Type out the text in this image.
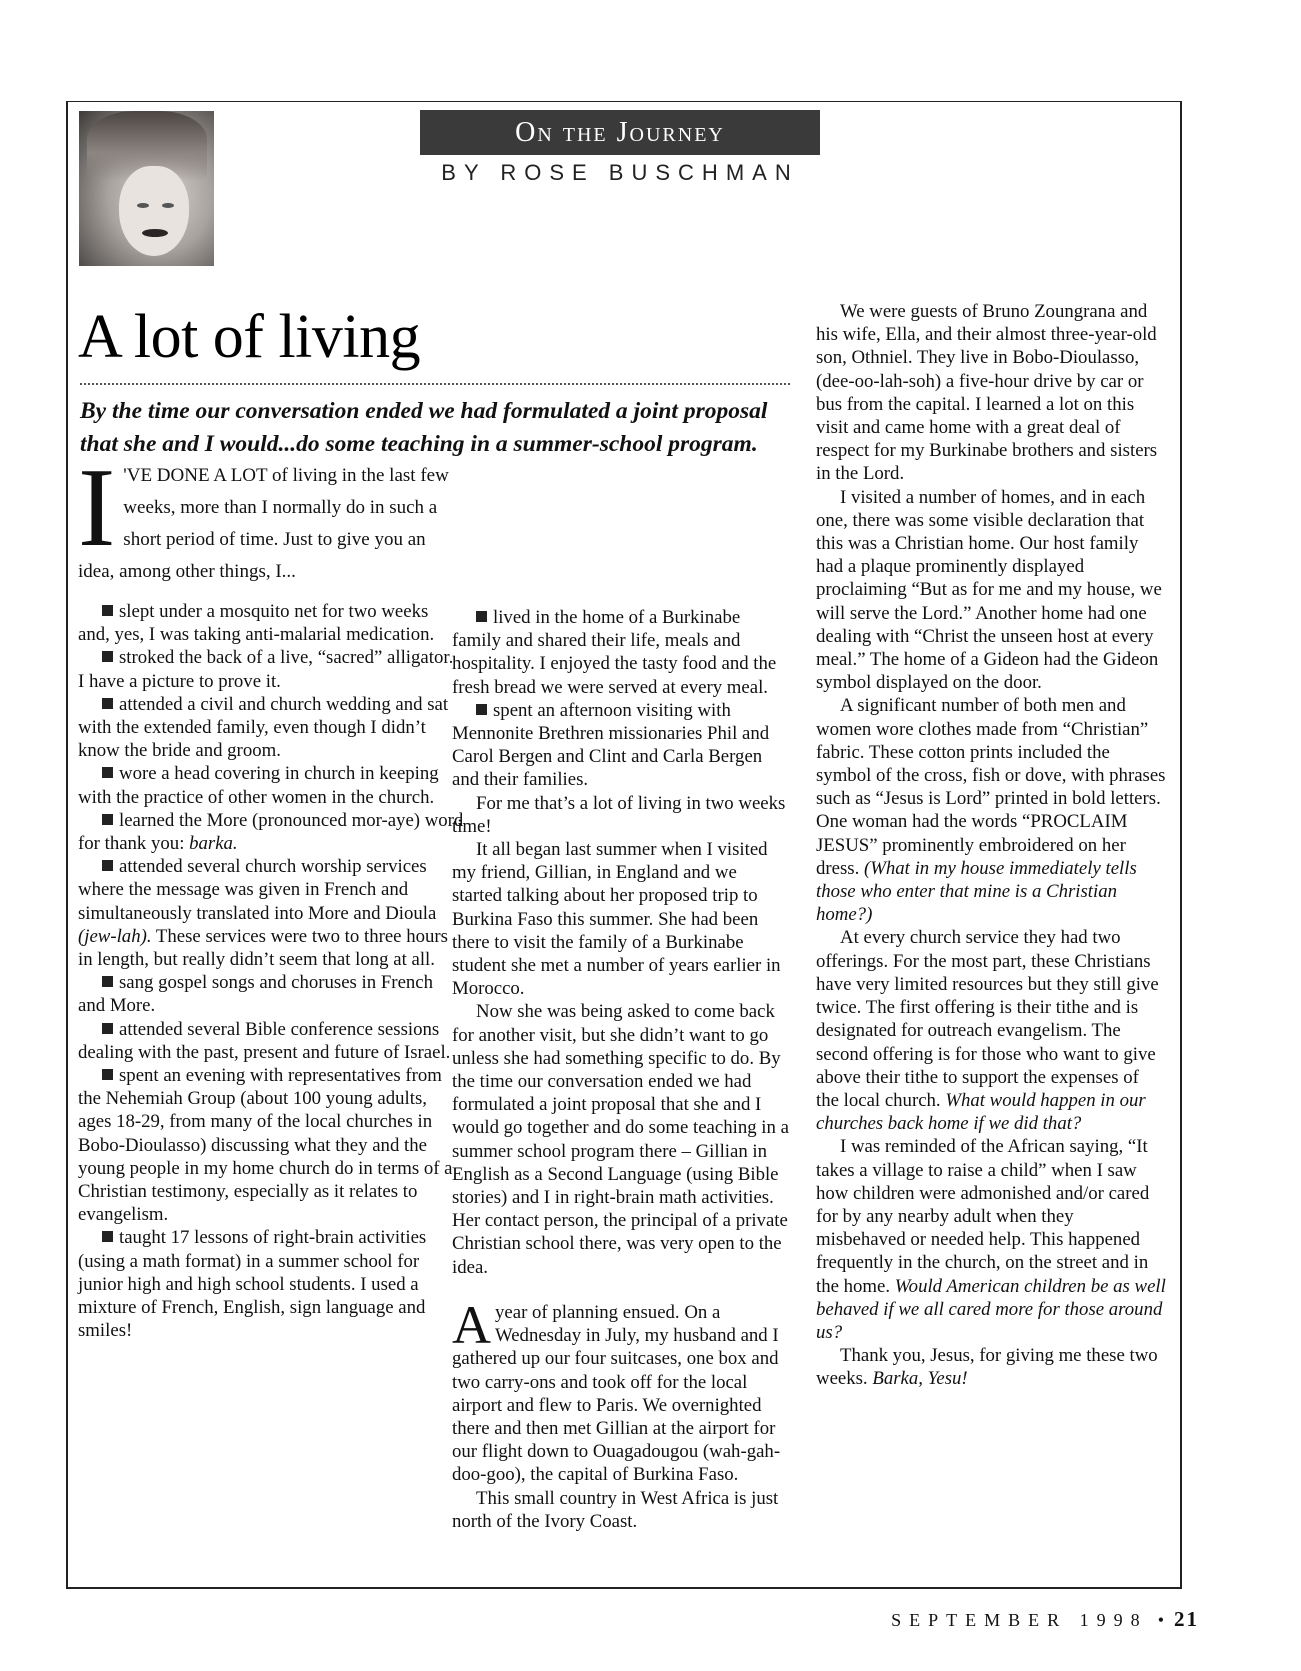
On the Journey
BY ROSE BUSCHMAN
A lot of living
By the time our conversation ended we had formulated a joint proposal that she and I would...do some teaching in a summer-school program.

I 'VE DONE A LOT of living in the last few weeks, more than I normally do in such a short period of time. Just to give you an idea, among other things, I...

slept under a mosquito net for two weeks and, yes, I was taking anti-malarial medication.

stroked the back of a live, “sacred” alligator. I have a picture to prove it.

attended a civil and church wedding and sat with the extended family, even though I didn’t know the bride and groom.

wore a head covering in church in keeping with the practice of other women in the church.

learned the More (pronounced mor-aye) word for thank you: barka.

attended several church worship services where the message was given in French and simultaneously translated into More and Dioula (jew-lah). These services were two to three hours in length, but really didn’t seem that long at all.

sang gospel songs and choruses in French and More.

attended several Bible conference sessions dealing with the past, present and future of Israel.

spent an evening with representatives from the Nehemiah Group (about 100 young adults, ages 18-29, from many of the local churches in Bobo-Dioulasso) discussing what they and the young people in my home church do in terms of a Christian testimony, especially as it relates to evangelism.

taught 17 lessons of right-brain activities (using a math format) in a summer school for junior high and high school students. I used a mixture of French, English, sign language and smiles!

lived in the home of a Burkinabe family and shared their life, meals and hospitality. I enjoyed the tasty food and the fresh bread we were served at every meal.

spent an afternoon visiting with Mennonite Brethren missionaries Phil and Carol Bergen and Clint and Carla Bergen and their families.

For me that’s a lot of living in two weeks time!

It all began last summer when I visited my friend, Gillian, in England and we started talking about her proposed trip to Burkina Faso this summer. She had been there to visit the family of a Burkinabe student she met a number of years earlier in Morocco.

Now she was being asked to come back for another visit, but she didn’t want to go unless she had something specific to do. By the time our conversation ended we had formulated a joint proposal that she and I would go together and do some teaching in a summer school program there – Gillian in English as a Second Language (using Bible stories) and I in right-brain math activities. Her contact person, the principal of a private Christian school there, was very open to the idea.

Ayear of planning ensued. On a Wednesday in July, my husband and I gathered up our four suitcases, one box and two carry-ons and took off for the local airport and flew to Paris. We overnighted there and then met Gillian at the airport for our flight down to Ouagadougou (wah-gah-doo-goo), the capital of Burkina Faso.

This small country in West Africa is just north of the Ivory Coast.

We were guests of Bruno Zoungrana and his wife, Ella, and their almost three-year-old son, Othniel. They live in Bobo-Dioulasso, (dee-oo-lah-soh) a five-hour drive by car or bus from the capital. I learned a lot on this visit and came home with a great deal of respect for my Burkinabe brothers and sisters in the Lord.

I visited a number of homes, and in each one, there was some visible declaration that this was a Christian home. Our host family had a plaque prominently displayed proclaiming “But as for me and my house, we will serve the Lord.” Another home had one dealing with “Christ the unseen host at every meal.” The home of a Gideon had the Gideon symbol displayed on the door.

A significant number of both men and women wore clothes made from “Christian” fabric. These cotton prints included the symbol of the cross, fish or dove, with phrases such as “Jesus is Lord” printed in bold letters. One woman had the words “PROCLAIM JESUS” prominently embroidered on her dress. (What in my house immediately tells those who enter that mine is a Christian home?)

At every church service they had two offerings. For the most part, these Christians have very limited resources but they still give twice. The first offering is their tithe and is designated for outreach evangelism. The second offering is for those who want to give above their tithe to support the expenses of the local church. What would happen in our churches back home if we did that?

I was reminded of the African saying, “It takes a village to raise a child” when I saw how children were admonished and/or cared for by any nearby adult when they misbehaved or needed help. This happened frequently in the church, on the street and in the home. Would American children be as well behaved if we all cared more for those around us?

Thank you, Jesus, for giving me these two weeks. Barka, Yesu!

SEPTEMBER 1998 • 21
